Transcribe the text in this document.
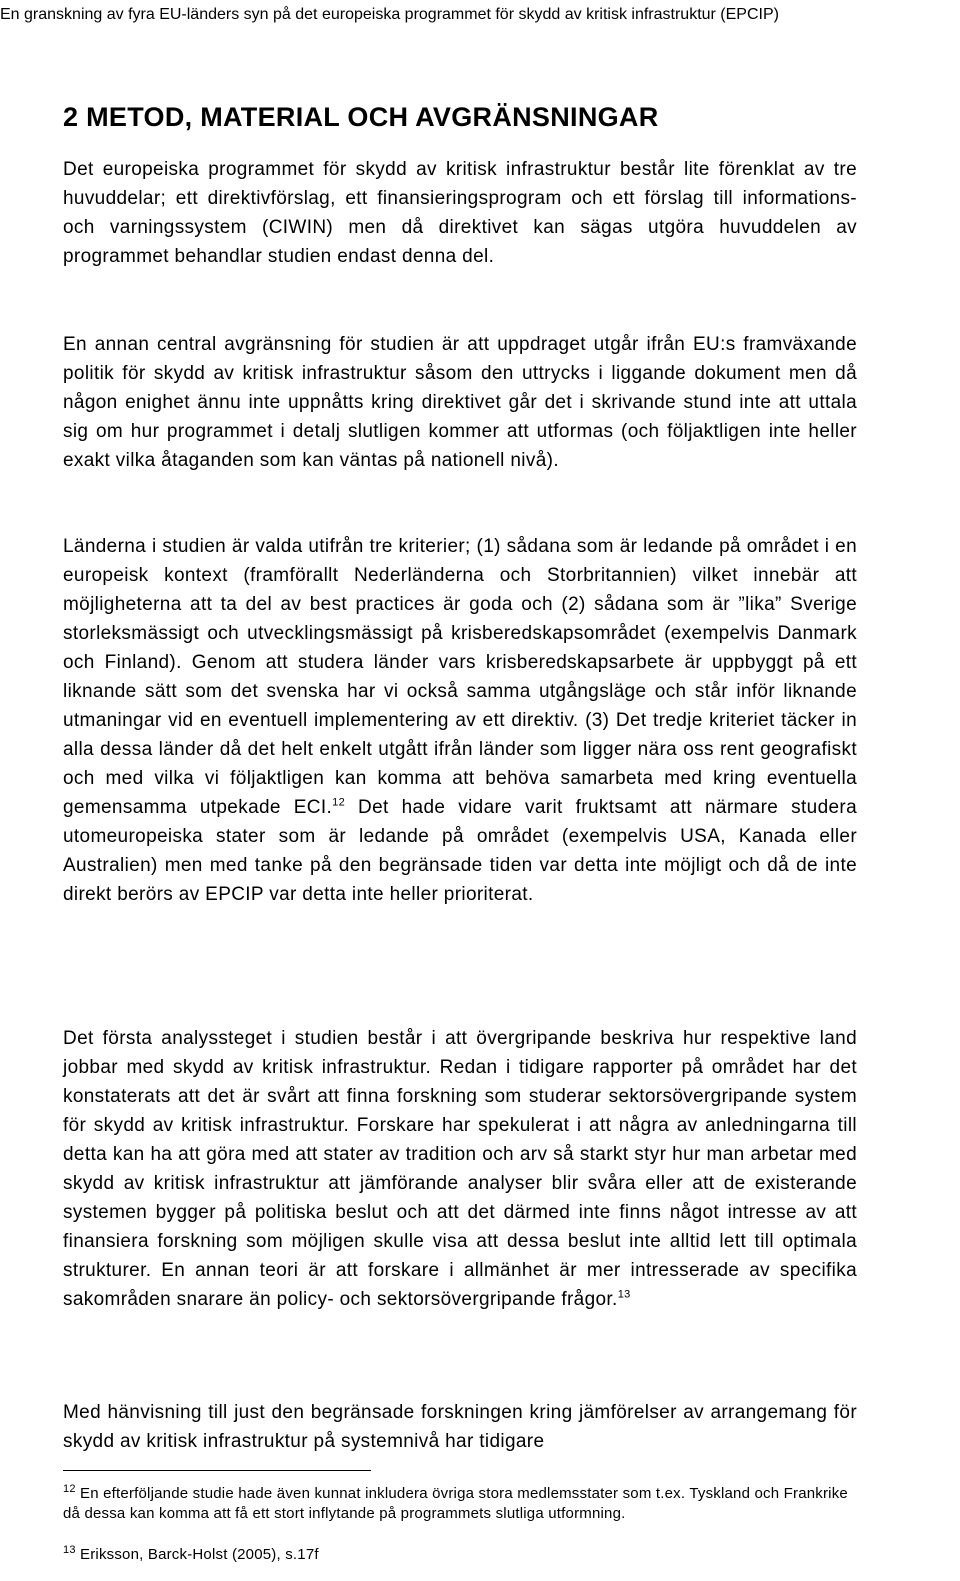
En granskning av fyra EU-länders syn på det europeiska programmet för skydd av kritisk infrastruktur (EPCIP)
2 METOD, MATERIAL OCH AVGRÄNSNINGAR

Det europeiska programmet för skydd av kritisk infrastruktur består lite förenklat av tre huvuddelar; ett direktivförslag, ett finansieringsprogram och ett förslag till informations- och varningssystem (CIWIN) men då direktivet kan sägas utgöra huvuddelen av programmet behandlar studien endast denna del.

En annan central avgränsning för studien är att uppdraget utgår ifrån EU:s framväxande politik för skydd av kritisk infrastruktur såsom den uttrycks i liggande dokument men då någon enighet ännu inte uppnåtts kring direktivet går det i skrivande stund inte att uttala sig om hur programmet i detalj slutligen kommer att utformas (och följaktligen inte heller exakt vilka åtaganden som kan väntas på nationell nivå).

Länderna i studien är valda utifrån tre kriterier; (1) sådana som är ledande på området i en europeisk kontext (framförallt Nederländerna och Storbritannien) vilket innebär att möjligheterna att ta del av best practices är goda och (2) sådana som är ”lika” Sverige storleksmässigt och utvecklingsmässigt på krisberedskapsområdet (exempelvis Danmark och Finland). Genom att studera länder vars krisberedskapsarbete är uppbyggt på ett liknande sätt som det svenska har vi också samma utgångsläge och står inför liknande utmaningar vid en eventuell implementering av ett direktiv. (3) Det tredje kriteriet täcker in alla dessa länder då det helt enkelt utgått ifrån länder som ligger nära oss rent geografiskt och med vilka vi följaktligen kan komma att behöva samarbeta med kring eventuella gemensamma utpekade ECI.$^{12}$ Det hade vidare varit fruktsamt att närmare studera utomeuropeiska stater som är ledande på området (exempelvis USA, Kanada eller Australien) men med tanke på den begränsade tiden var detta inte möjligt och då de inte direkt berörs av EPCIP var detta inte heller prioriterat.

Det första analyssteget i studien består i att övergripande beskriva hur respektive land jobbar med skydd av kritisk infrastruktur. Redan i tidigare rapporter på området har det konstaterats att det är svårt att finna forskning som studerar sektorsövergripande system för skydd av kritisk infrastruktur. Forskare har spekulerat i att några av anledningarna till detta kan ha att göra med att stater av tradition och arv så starkt styr hur man arbetar med skydd av kritisk infrastruktur att jämförande analyser blir svåra eller att de existerande systemen bygger på politiska beslut och att det därmed inte finns något intresse av att finansiera forskning som möjligen skulle visa att dessa beslut inte alltid lett till optimala strukturer. En annan teori är att forskare i allmänhet är mer intresserade av specifika sakområden snarare än policy- och sektorsövergripande frågor.$^{13}$

Med hänvisning till just den begränsade forskningen kring jämförelser av arrangemang för skydd av kritisk infrastruktur på systemnivå har tidigare

$^{12}$ En efterföljande studie hade även kunnat inkludera övriga stora medlemsstater som t.ex. Tyskland och Frankrike då dessa kan komma att få ett stort inflytande på programmets slutliga utformning.

$^{13}$ Eriksson, Barck-Holst (2005), s.17f
